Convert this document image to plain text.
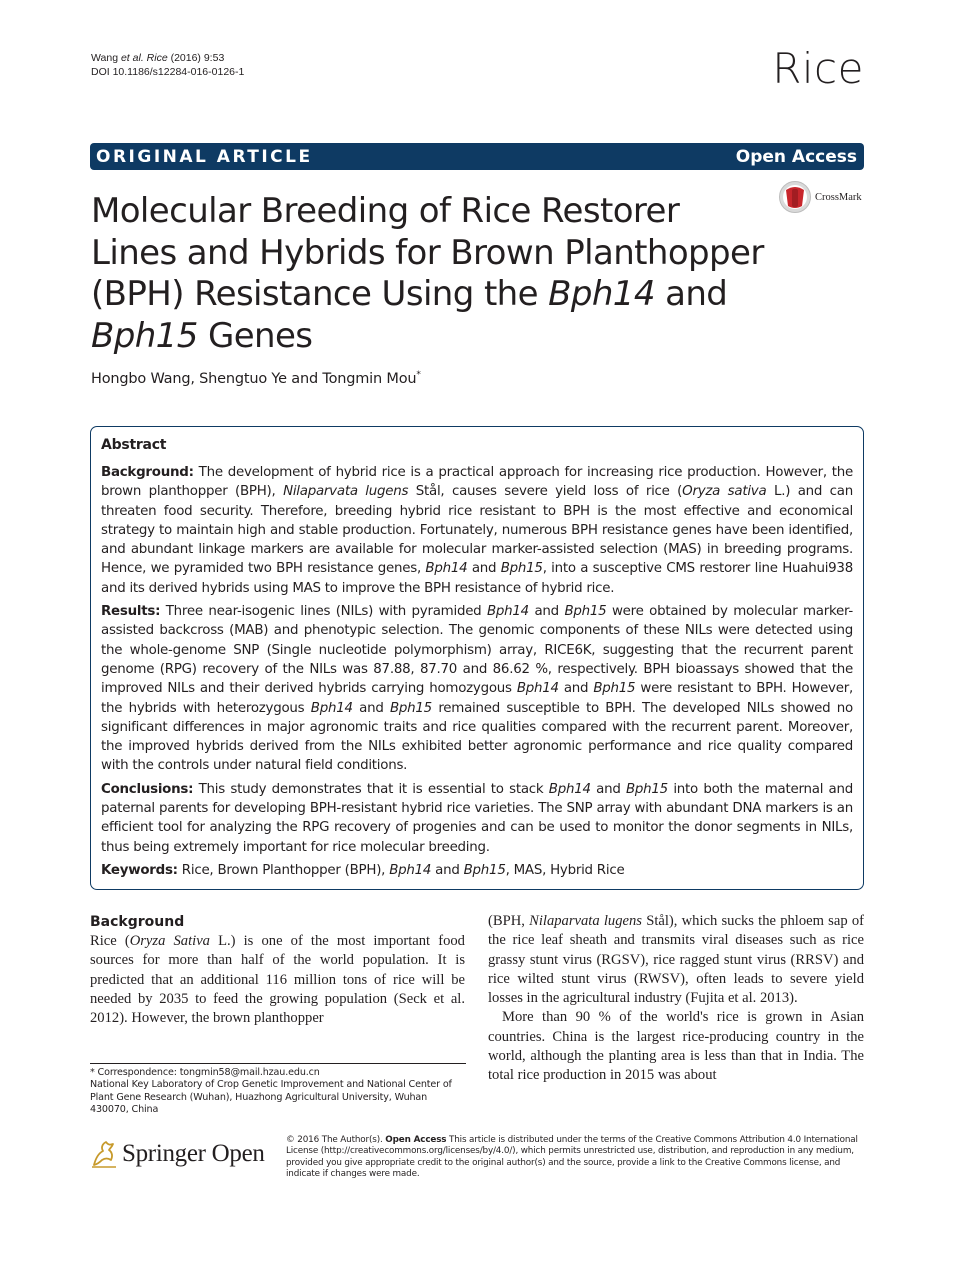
Wang et al. Rice (2016) 9:53
DOI 10.1186/s12284-016-0126-1	Rice
ORIGINAL ARTICLE	Open Access
Molecular Breeding of Rice Restorer Lines and Hybrids for Brown Planthopper (BPH) Resistance Using the Bph14 and Bph15 Genes
CrossMark
Hongbo Wang, Shengtuo Ye and Tongmin Mou*
Abstract

Background: The development of hybrid rice is a practical approach for increasing rice production. However, the brown planthopper (BPH), Nilaparvata lugens Stål, causes severe yield loss of rice (Oryza sativa L.) and can threaten food security. Therefore, breeding hybrid rice resistant to BPH is the most effective and economical strategy to maintain high and stable production. Fortunately, numerous BPH resistance genes have been identified, and abundant linkage markers are available for molecular marker-assisted selection (MAS) in breeding programs. Hence, we pyramided two BPH resistance genes, Bph14 and Bph15, into a susceptive CMS restorer line Huahui938 and its derived hybrids using MAS to improve the BPH resistance of hybrid rice.

Results: Three near-isogenic lines (NILs) with pyramided Bph14 and Bph15 were obtained by molecular marker-assisted backcross (MAB) and phenotypic selection. The genomic components of these NILs were detected using the whole-genome SNP (Single nucleotide polymorphism) array, RICE6K, suggesting that the recurrent parent genome (RPG) recovery of the NILs was 87.88, 87.70 and 86.62 %, respectively. BPH bioassays showed that the improved NILs and their derived hybrids carrying homozygous Bph14 and Bph15 were resistant to BPH. However, the hybrids with heterozygous Bph14 and Bph15 remained susceptible to BPH. The developed NILs showed no significant differences in major agronomic traits and rice qualities compared with the recurrent parent. Moreover, the improved hybrids derived from the NILs exhibited better agronomic performance and rice quality compared with the controls under natural field conditions.

Conclusions: This study demonstrates that it is essential to stack Bph14 and Bph15 into both the maternal and paternal parents for developing BPH-resistant hybrid rice varieties. The SNP array with abundant DNA markers is an efficient tool for analyzing the RPG recovery of progenies and can be used to monitor the donor segments in NILs, thus being extremely important for rice molecular breeding.

Keywords: Rice, Brown Planthopper (BPH), Bph14 and Bph15, MAS, Hybrid Rice

Background

Rice (Oryza Sativa L.) is one of the most important food sources for more than half of the world population. It is predicted that an additional 116 million tons of rice will be needed by 2035 to feed the growing population (Seck et al. 2012). However, the brown planthopper

(BPH, Nilaparvata lugens Stål), which sucks the phloem sap of the rice leaf sheath and transmits viral diseases such as rice grassy stunt virus (RGSV), rice ragged stunt virus (RRSV) and rice wilted stunt virus (RWSV), often leads to severe yield losses in the agricultural industry (Fujita et al. 2013).

More than 90 % of the world's rice is grown in Asian countries. China is the largest rice-producing country in the world, although the planting area is less than that in India. The total rice production in 2015 was about

* Correspondence: tongmin58@mail.hzau.edu.cn
National Key Laboratory of Crop Genetic Improvement and National Center of Plant Gene Research (Wuhan), Huazhong Agricultural University, Wuhan 430070, China
Springer Open © 2016 The Author(s). Open Access This article is distributed under the terms of the Creative Commons Attribution 4.0 International License (http://creativecommons.org/licenses/by/4.0/), which permits unrestricted use, distribution, and reproduction in any medium, provided you give appropriate credit to the original author(s) and the source, provide a link to the Creative Commons license, and indicate if changes were made.
